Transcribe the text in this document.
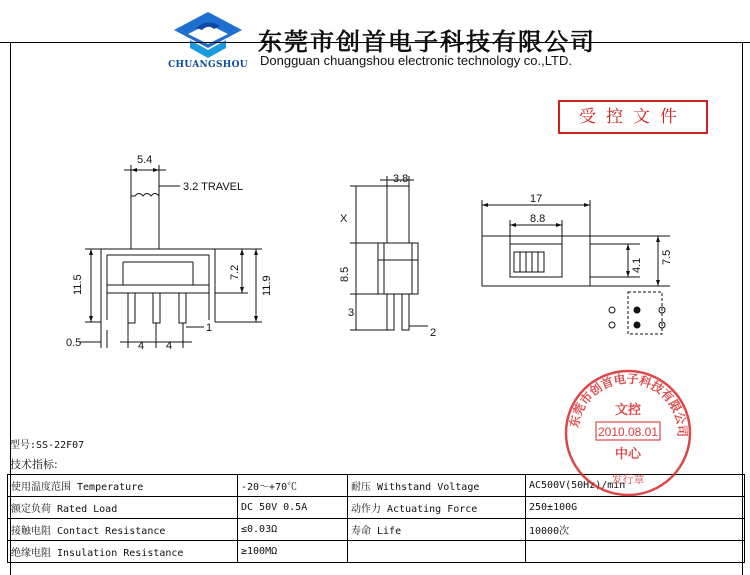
CHUANGSHOU
东莞市创首电子科技有限公司
Dongguan chuangshou electronic technology co.,LTD.
受控文件
5.4
3.2 TRAVEL
11.5
7.2
11.9
1
0.5	4 4
3.8
X
8.5
3
2
17
8.8
4.1
7.5
型号:SS-22F07
技术指标:
使用温度范围 Temperature	-20～+70℃	耐压 Withstand Voltage	AC500V(50Hz)/min	
额定负荷 Rated Load	DC 50V 0.5A	动作力 Actuating Force	250±100G	
接触电阻 Contact Resistance	≤0.03Ω	寿命 Life	10000次	
绝缘电阻 Insulation Resistance	≥100MΩ			
东莞市创首电子科技有限公司
文控
2010.08.01
中心
发行章
